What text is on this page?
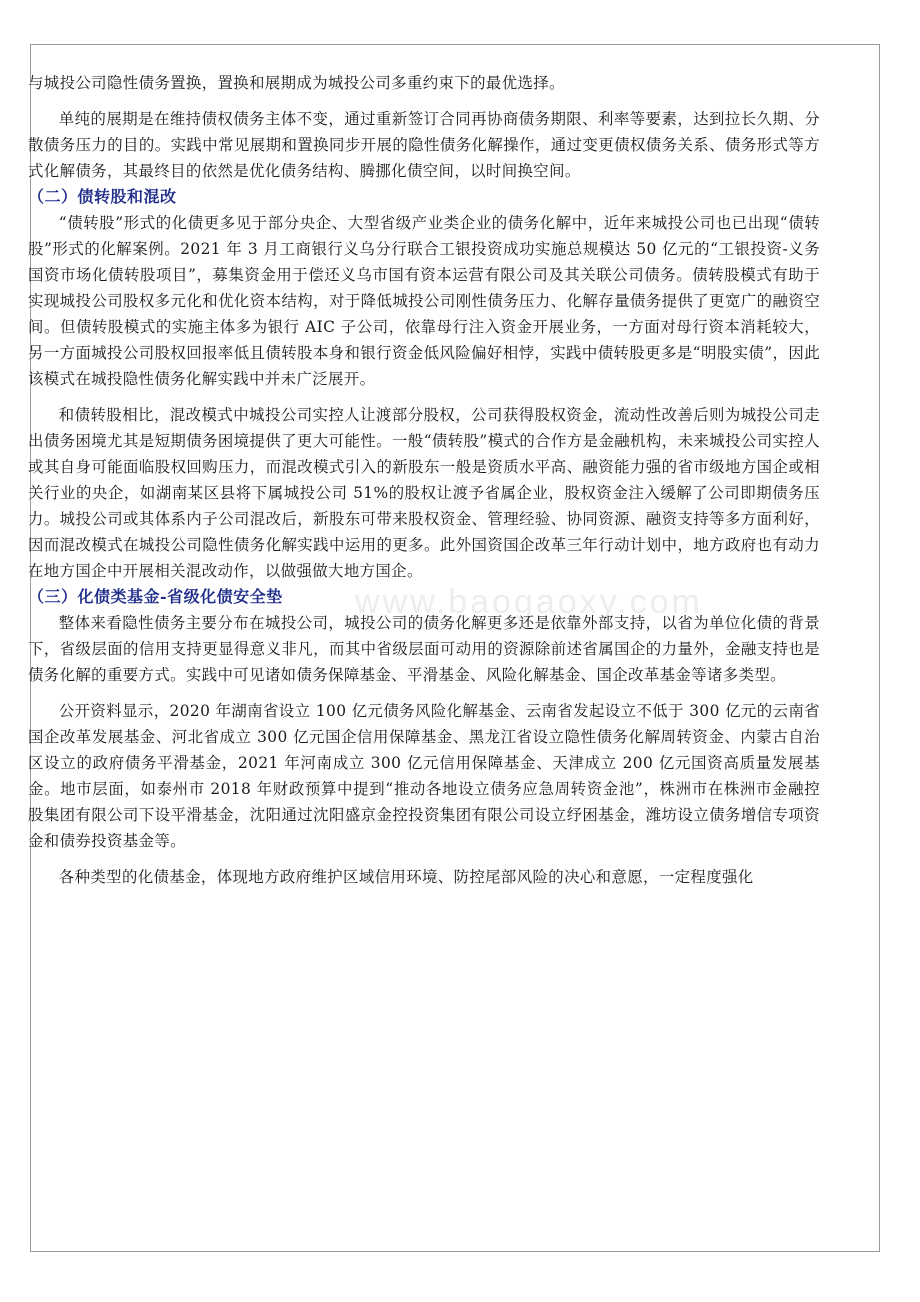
www.baogaoxy.com

与城投公司隐性债务置换，置换和展期成为城投公司多重约束下的最优选择。

单纯的展期是在维持债权债务主体不变，通过重新签订合同再协商债务期限、利率等要素，达到拉长久期、分散债务压力的目的。实践中常见展期和置换同步开展的隐性债务化解操作，通过变更债权债务关系、债务形式等方式化解债务，其最终目的依然是优化债务结构、腾挪化债空间，以时间换空间。

（二）债转股和混改

“债转股”形式的化债更多见于部分央企、大型省级产业类企业的债务化解中，近年来城投公司也已出现“债转股”形式的化解案例。2021 年 3 月工商银行义乌分行联合工银投资成功实施总规模达 50 亿元的“工银投资-义务国资市场化债转股项目”，募集资金用于偿还义乌市国有资本运营有限公司及其关联公司债务。债转股模式有助于实现城投公司股权多元化和优化资本结构，对于降低城投公司刚性债务压力、化解存量债务提供了更宽广的融资空间。但债转股模式的实施主体多为银行 AIC 子公司，依靠母行注入资金开展业务，一方面对母行资本消耗较大，另一方面城投公司股权回报率低且债转股本身和银行资金低风险偏好相悖，实践中债转股更多是“明股实债”，因此该模式在城投隐性债务化解实践中并未广泛展开。

和债转股相比，混改模式中城投公司实控人让渡部分股权，公司获得股权资金，流动性改善后则为城投公司走出债务困境尤其是短期债务困境提供了更大可能性。一般“债转股”模式的合作方是金融机构，未来城投公司实控人或其自身可能面临股权回购压力，而混改模式引入的新股东一般是资质水平高、融资能力强的省市级地方国企或相关行业的央企，如湖南某区县将下属城投公司 51%的股权让渡予省属企业，股权资金注入缓解了公司即期债务压力。城投公司或其体系内子公司混改后，新股东可带来股权资金、管理经验、协同资源、融资支持等多方面利好，因而混改模式在城投公司隐性债务化解实践中运用的更多。此外国资国企改革三年行动计划中，地方政府也有动力在地方国企中开展相关混改动作，以做强做大地方国企。

（三）化债类基金-省级化债安全垫

整体来看隐性债务主要分布在城投公司，城投公司的债务化解更多还是依靠外部支持，以省为单位化债的背景下，省级层面的信用支持更显得意义非凡，而其中省级层面可动用的资源除前述省属国企的力量外，金融支持也是债务化解的重要方式。实践中可见诸如债务保障基金、平滑基金、风险化解基金、国企改革基金等诸多类型。

公开资料显示，2020 年湖南省设立 100 亿元债务风险化解基金、云南省发起设立不低于 300 亿元的云南省国企改革发展基金、河北省成立 300 亿元国企信用保障基金、黑龙江省设立隐性债务化解周转资金、内蒙古自治区设立的政府债务平滑基金，2021 年河南成立 300 亿元信用保障基金、天津成立 200 亿元国资高质量发展基金。地市层面，如泰州市 2018 年财政预算中提到“推动各地设立债务应急周转资金池”，株洲市在株洲市金融控股集团有限公司下设平滑基金，沈阳通过沈阳盛京金控投资集团有限公司设立纾困基金，潍坊设立债务增信专项资金和债券投资基金等。

各种类型的化债基金，体现地方政府维护区域信用环境、防控尾部风险的决心和意愿，一定程度强化
